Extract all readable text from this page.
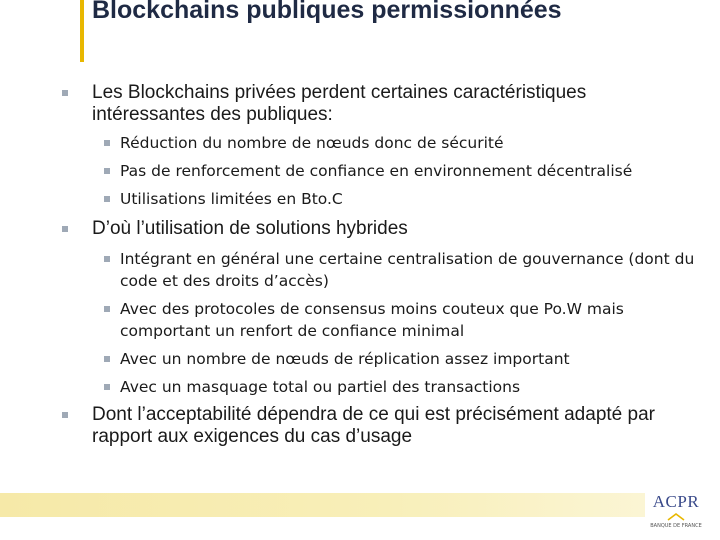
Blockchains publiques permissionnées
Les Blockchains privées perdent certaines caractéristiques intéressantes des publiques:
Réduction du nombre de nœuds donc de sécurité
Pas de renforcement de confiance en environnement décentralisé
Utilisations limitées en Bto.C
D’où l’utilisation de solutions hybrides
Intégrant en général une certaine centralisation de gouvernance (dont du code et des droits d’accès)
Avec des protocoles de consensus moins couteux que Po.W mais comportant un renfort de confiance minimal
Avec un nombre de nœuds de réplication assez important
Avec un masquage total ou partiel des transactions
Dont l’acceptabilité dépendra de ce qui est précisément adapté par rapport aux exigences du cas d’usage
ACPR
BANQUE DE FRANCE
